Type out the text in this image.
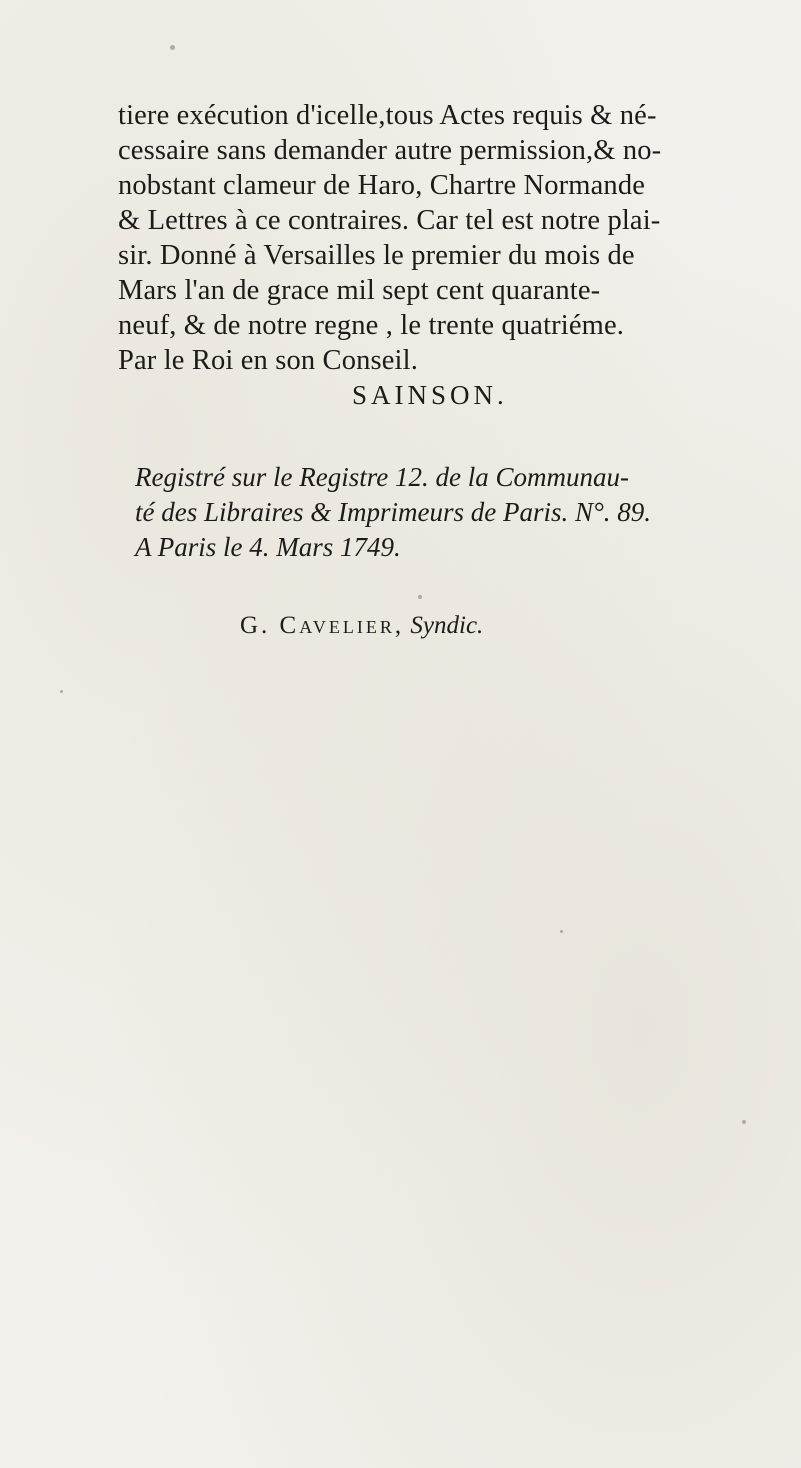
tiere exécution d'icelle,tous Actes requis & né-
cessaire sans demander autre permission,& no-
nobstant clameur de Haro, Chartre Normande
& Lettres à ce contraires. Car tel est notre plai-
sir. Donné à Versailles le premier du mois de
Mars l'an de grace mil sept cent quarante-
neuf, & de notre regne , le trente quatriéme.
Par le Roi en son Conseil.
SAINSON.
Registré sur le Registre 12. de la Communau-
té des Libraires & Imprimeurs de Paris. N°. 89.
A Paris le 4. Mars 1749.
G. Cavelier, Syndic.
